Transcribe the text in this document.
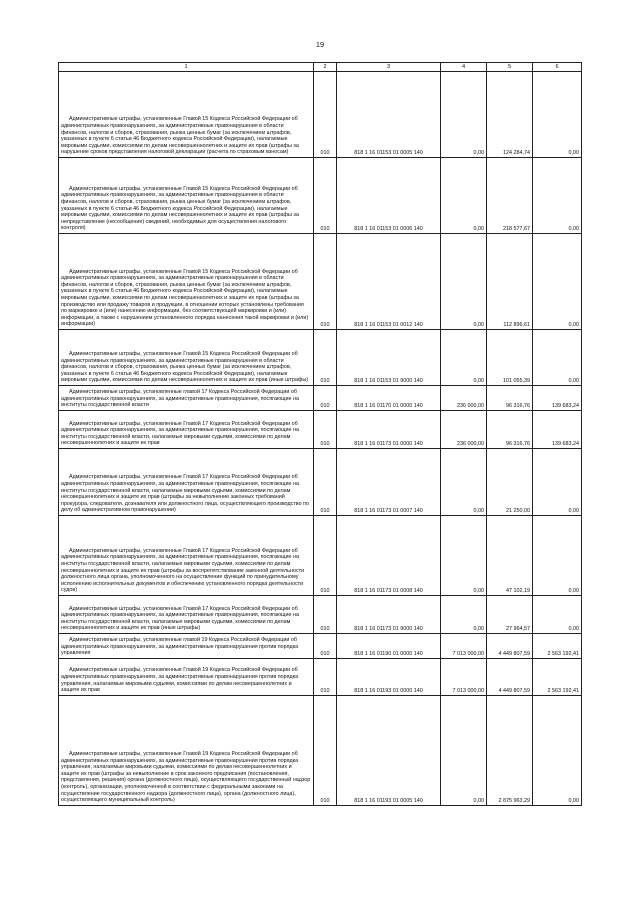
19
1	2	3	4	5	6
Административные штрафы, установленные Главой 15 Кодекса Российской Федерации об административных правонарушениях, за административные правонарушения в области финансов, налогов и сборов, страхования, рынка ценных бумаг (за исключением штрафов, указанных в пункте 6 статьи 46 Бюджетного кодекса Российской Федерации), налагаемые мировыми судьями, комиссиями по делам несовершеннолетних и защите их прав (штрафы за нарушение сроков представления налоговой декларации (расчета по страховым взносам)	010	818 1 16 01153 01 0005 140	0,00	124 284,74	0,00
Административные штрафы, установленные Главой 15 Кодекса Российской Федерации об административных правонарушениях, за административные правонарушения в области финансов, налогов и сборов, страхования, рынка ценных бумаг (за исключением штрафов, указанных в пункте 6 статьи 46 Бюджетного кодекса Российской Федерации), налагаемые мировыми судьями, комиссиями по делам несовершеннолетних и защите их прав (штрафы за непредставление (несообщение) сведений, необходимых для осуществления налогового контроля)	010	818 1 16 01153 01 0006 140	0,00	218 577,67	0,00
Административные штрафы, установленные Главой 15 Кодекса Российской Федерации об административных правонарушениях, за административные правонарушения в области финансов, налогов и сборов, страхования, рынка ценных бумаг (за исключением штрафов, указанных в пункте 6 статьи 46 Бюджетного кодекса Российской Федерации), налагаемые мировыми судьями, комиссиями по делам несовершеннолетних и защите их прав (штрафы за производство или продажу товаров и продукции, в отношении которых установлены требования по маркировке и (или) нанесению информации, без соответствующей маркировки и (или) информации, а также с нарушением установленного порядка нанесения такой маркировки и (или) информации)	010	818 1 16 01153 01 0012 140	0,00	112 896,61	0,00
Административные штрафы, установленные Главой 15 Кодекса Российской Федерации об административных правонарушениях, за административные правонарушения в области финансов, налогов и сборов, страхования, рынка ценных бумаг (за исключением штрафов, указанных в пункте 6 статьи 46 Бюджетного кодекса Российской Федерации), налагаемые мировыми судьями, комиссиями по делам несовершеннолетних и защите их прав (иные штрафы)	010	818 1 16 01153 01 9000 140	0,00	101 055,39	0,00
Административные штрафы, установленные главой 17 Кодекса Российской Федерации об административных правонарушениях, за административные правонарушения, посягающие на институты государственной власти	010	818 1 16 01170 01 0000 140	236 000,00	96 316,76	139 683,24
Административные штрафы, установленные Главой 17 Кодекса Российской Федерации об административных правонарушениях, за административные правонарушения, посягающие на институты государственной власти, налагаемые мировыми судьями, комиссиями по делам несовершеннолетних и защите их прав	010	818 1 16 01173 01 0000 140	236 000,00	96 316,76	139 683,24
Административные штрафы, установленные Главой 17 Кодекса Российской Федерации об административных правонарушениях, за административные правонарушения, посягающие на институты государственной власти, налагаемые мировыми судьями, комиссиями по делам несовершеннолетних и защите их прав (штрафы за невыполнение законных требований прокурора, следователя, дознавателя или должностного лица, осуществляющего производство по делу об административном правонарушении)	010	818 1 16 01173 01 0007 140	0,00	21 250,00	0,00
Административные штрафы, установленные Главой 17 Кодекса Российской Федерации об административных правонарушениях, за административные правонарушения, посягающие на институты государственной власти, налагаемые мировыми судьями, комиссиями по делам несовершеннолетних и защите их прав (штрафы за воспрепятствование законной деятельности должностного лица органа, уполномоченного на осуществление функций по принудительному исполнению исполнительных документов и обеспечению установленного порядка деятельности судов)	010	818 1 16 01173 01 0008 140	0,00	47 102,19	0,00
Административные штрафы, установленные Главой 17 Кодекса Российской Федерации об административных правонарушениях, за административные правонарушения, посягающие на институты государственной власти, налагаемые мировыми судьями, комиссиями по делам несовершеннолетних и защите их прав (иные штрафы)	010	818 1 16 01173 01 9000 140	0,00	27 964,57	0,00
Административные штрафы, установленные главой 19 Кодекса Российской Федерации об административных правонарушениях, за административные правонарушения против порядка управления	010	818 1 16 01190 01 0000 140	7 013 000,00	4 449 807,59	2 563 192,41
Административные штрафы, установленные Главой 19 Кодекса Российской Федерации об административных правонарушениях, за административные правонарушения против порядка управления, налагаемые мировыми судьями, комиссиями по делам несовершеннолетних и защите их прав	010	818 1 16 01193 01 0000 140	7 013 000,00	4 449 807,59	2 563 192,41
Административные штрафы, установленные Главой 19 Кодекса Российской Федерации об административных правонарушениях, за административные правонарушения против порядка управления, налагаемые мировыми судьями, комиссиями по делам несовершеннолетних и защите их прав (штрафы за невыполнение в срок законного предписания (постановления, представления, решения) органа (должностного лица), осуществляющего государственный надзор (контроль), организации, уполномоченной в соответствии с федеральными законами на осуществление государственного надзора (должностного лица), органа (должностного лица), осуществляющего муниципальный контроль)	010	818 1 16 01193 01 0005 140	0,00	2 875 963,29	0,00
